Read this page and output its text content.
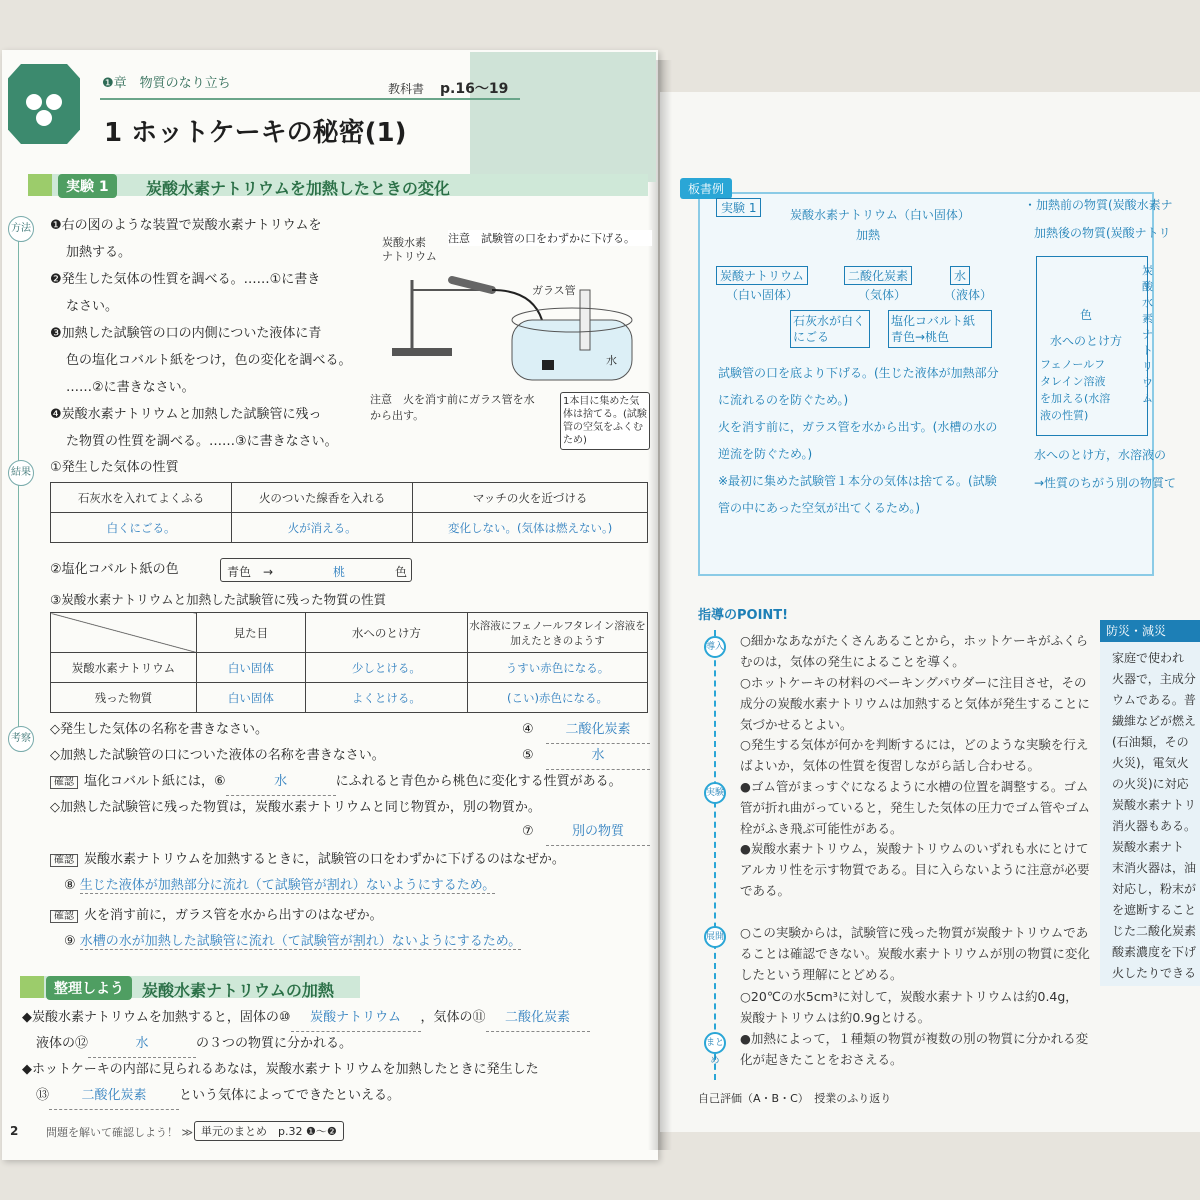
❶章　物質のなり立ち	教科書 p.16～19
1 ホットケーキの秘密(1)
実験 1	炭酸水素ナトリウムを加熱したときの変化
方法
結果
考察
❶右の図のような装置で炭酸水素ナトリウムを
加熱する。
❷発生した気体の性質を調べる。……①に書き
なさい。
❸加熱した試験管の口の内側についた液体に青
色の塩化コバルト紙をつけ，色の変化を調べる。
……②に書きなさい。
❹炭酸水素ナトリウムと加熱した試験管に残っ
た物質の性質を調べる。……③に書きなさい。
炭酸水素
ナトリウム
注意　試験管の口をわずかに下げる。
ガラス管
水
注意　火を消す前にガラス管を水から出す。
1本目に集めた気体は捨てる。(試験管の空気をふくむため)
①発生した気体の性質
石灰水を入れてよくふる	火のついた線香を入れる	マッチの火を近づける
白くにごる。	火が消える。	変化しない。(気体は燃えない。)
②塩化コバルト紙の色	青色　→	桃	色
③炭酸水素ナトリウムと加熱した試験管に残った物質の性質
	見た目	水へのとけ方	水溶液にフェノールフタレイン溶液を加えたときのようす
炭酸水素ナトリウム	白い固体	少しとける。	うすい赤色になる。
残った物質	白い固体	よくとける。	(こい)赤色になる。
◇発生した気体の名称を書きなさい。	④	二酸化炭素
◇加熱した試験管の口についた液体の名称を書きなさい。	⑤	水
確認 塩化コバルト紙には，⑥	水	にふれると青色から桃色に変化する性質がある。
◇加熱した試験管に残った物質は，炭酸水素ナトリウムと同じ物質か，別の物質か。
⑦	別の物質
確認 炭酸水素ナトリウムを加熱するときに，試験管の口をわずかに下げるのはなぜか。
⑧ 生じた液体が加熱部分に流れ（て試験管が割れ）ないようにするため。
確認 火を消す前に，ガラス管を水から出すのはなぜか。
⑨ 水槽の水が加熱した試験管に流れ（て試験管が割れ）ないようにするため。
整理しよう	炭酸水素ナトリウムの加熱
◆炭酸水素ナトリウムを加熱すると，固体の⑩ 炭酸ナトリウム ，気体の⑪ 二酸化炭素
液体の⑫	水	の３つの物質に分かれる。
◆ホットケーキの内部に見られるあなは，炭酸水素ナトリウムを加熱したときに発生した
⑬ 二酸化炭素	という気体によってできたといえる。
2	問題を解いて確認しよう！ ≫ 単元のまとめ　p.32 ❶～❷
板書例
実験 1	炭酸水素ナトリウム（白い固体）
加熱
炭酸ナトリウム	二酸化炭素	水
（白い固体）	（気体）	（液体）
石灰水が白くにごる
塩化コバルト紙 青色→桃色
試験管の口を底より下げる。(生じた液体が加熱部分に流れるのを防ぐため。)
火を消す前に，ガラス管を水から出す。(水槽の水の逆流を防ぐため。)
※最初に集めた試験管１本分の気体は捨てる。(試験管の中にあった空気が出てくるため。)
・加熱前の物質(炭酸水素ナ
加熱後の物質(炭酸ナトリ
炭酸水素ナトリウム
色
水へのとけ方
フェノールフタレイン溶液を加える(水溶液の性質)
水へのとけ方，水溶液の
→性質のちがう別の物質て
指導のPOINT!
導入
実験
展開
まとめ
○細かなあながたくさんあることから，ホットケーキがふくらむのは，気体の発生によることを導く。
○ホットケーキの材料のベーキングパウダーに注目させ，その成分の炭酸水素ナトリウムは加熱すると気体が発生することに気づかせるとよい。
○発生する気体が何かを判断するには，どのような実験を行えばよいか，気体の性質を復習しながら話し合わせる。
●ゴム管がまっすぐになるように水槽の位置を調整する。ゴム管が折れ曲がっていると，発生した気体の圧力でゴム管やゴム栓がふき飛ぶ可能性がある。
●炭酸水素ナトリウム，炭酸ナトリウムのいずれも水にとけてアルカリ性を示す物質である。目に入らないように注意が必要である。
○この実験からは，試験管に残った物質が炭酸ナトリウムであることは確認できない。炭酸水素ナトリウムが別の物質に変化したという理解にとどめる。
○20℃の水5cm³に対して，炭酸水素ナトリウムは約0.4g，炭酸ナトリウムは約0.9gとける。
●加熱によって，１種類の物質が複数の別の物質に分かれる変化が起きたことをおさえる。
自己評価（A・B・C）　授業のふり返り
防災・減災
家庭で使われ
火器で，主成分
ウムである。普
繊維などが燃え
(石油類，その
火災)，電気火
の火災)に対応
炭酸水素ナトリ
消火器もある。
炭酸水素ナト
末消火器は，油
対応し，粉末が
を遮断すること
じた二酸化炭素
酸素濃度を下げ
火したりできる
